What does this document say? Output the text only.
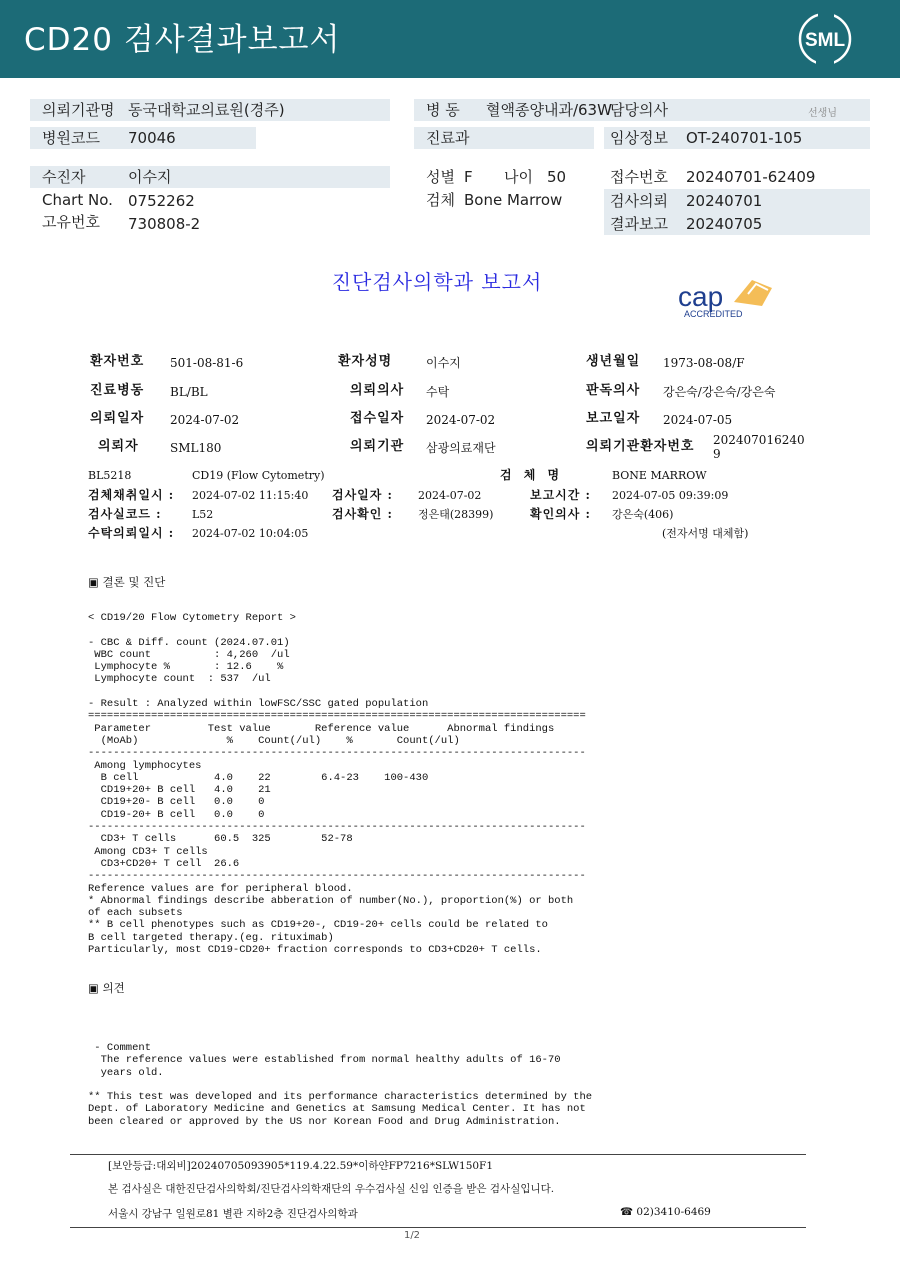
CD20 검사결과보고서	SML
의뢰기관명 동국대학교의료원(경주)	병 동 혈액종양내과/63W
담당의사	선생님
병원코드 70046	진료과	임상정보 OT-240701-105
수진자	이수지	성별 F 나이 50	접수번호 20240701-62409
Chart No. 0752262	검체 Bone Marrow	검사의뢰 20240701
고유번호 730808-2	결과보고 20240705
진단검사의학과 보고서	cap
ACCREDITED
환자번호 501-08-81-6	환자성명	이수지	생년월일 1973-08-08/F
진료병동 BL/BL	의뢰의사 수탁	판독의사 강은숙/강은숙/강은숙
의뢰일자 2024-07-02	접수일자 2024-07-02	보고일자 2024-07-05
의뢰자	SML180	의뢰기관 삼광의료재단	의뢰기관환자번호 202407016240
9
BL5218	CD19 (Flow Cytometry)	검 체 명	BONE MARROW
검체채취일시 : 2024-07-02 11:15:40 검사일자 : 2024-07-02	보고시간 : 2024-07-05 09:39:09
검사실코드 :	L52	검사확인 : 정은태(28399)	확인의사 : 강은숙(406)
수탁의뢰일시 : 2024-07-02 10:04:05	(전자서명 대체함)
▣ 결론 및 진단
< CD19/20 Flow Cytometry Report >

- CBC & Diff. count (2024.07.01)
WBC count          : 4,260  /ul
Lymphocyte %       : 12.6    %
Lymphocyte count  : 537  /ul

- Result : Analyzed within lowFSC/SSC gated population
===============================================================================
Parameter         Test value       Reference value      Abnormal findings
(MoAb)              %    Count(/ul)    %       Count(/ul)
-------------------------------------------------------------------------------
Among lymphocytes
B cell            4.0    22        6.4-23    100-430
CD19+20+ B cell   4.0    21
CD19+20- B cell   0.0    0
CD19-20+ B cell   0.0    0
-------------------------------------------------------------------------------
CD3+ T cells      60.5  325        52-78
Among CD3+ T cells
CD3+CD20+ T cell  26.6
-------------------------------------------------------------------------------
Reference values are for peripheral blood.
* Abnormal findings describe abberation of number(No.), proportion(%) or both
of each subsets
** B cell phenotypes such as CD19+20-, CD19-20+ cells could be related to
B cell targeted therapy.(eg. rituximab)
Particularly, most CD19-CD20+ fraction corresponds to CD3+CD20+ T cells.
▣ 의견
- Comment
The reference values were established from normal healthy adults of 16-70
years old.

** This test was developed and its performance characteristics determined by the
Dept. of Laboratory Medicine and Genetics at Samsung Medical Center. It has not
been cleared or approved by the US nor Korean Food and Drug Administration.
[보안등급:대외비]20240705093905*119.4.22.59*이하얀FP7216*SLW150F1
본 검사실은 대한진단검사의학회/진단검사의학재단의 우수검사실 신임 인증을 받은 검사실입니다.
서울시 강남구 일원로81 별관 지하2층 진단검사의학과	☎ 02)3410-6469
1/2
